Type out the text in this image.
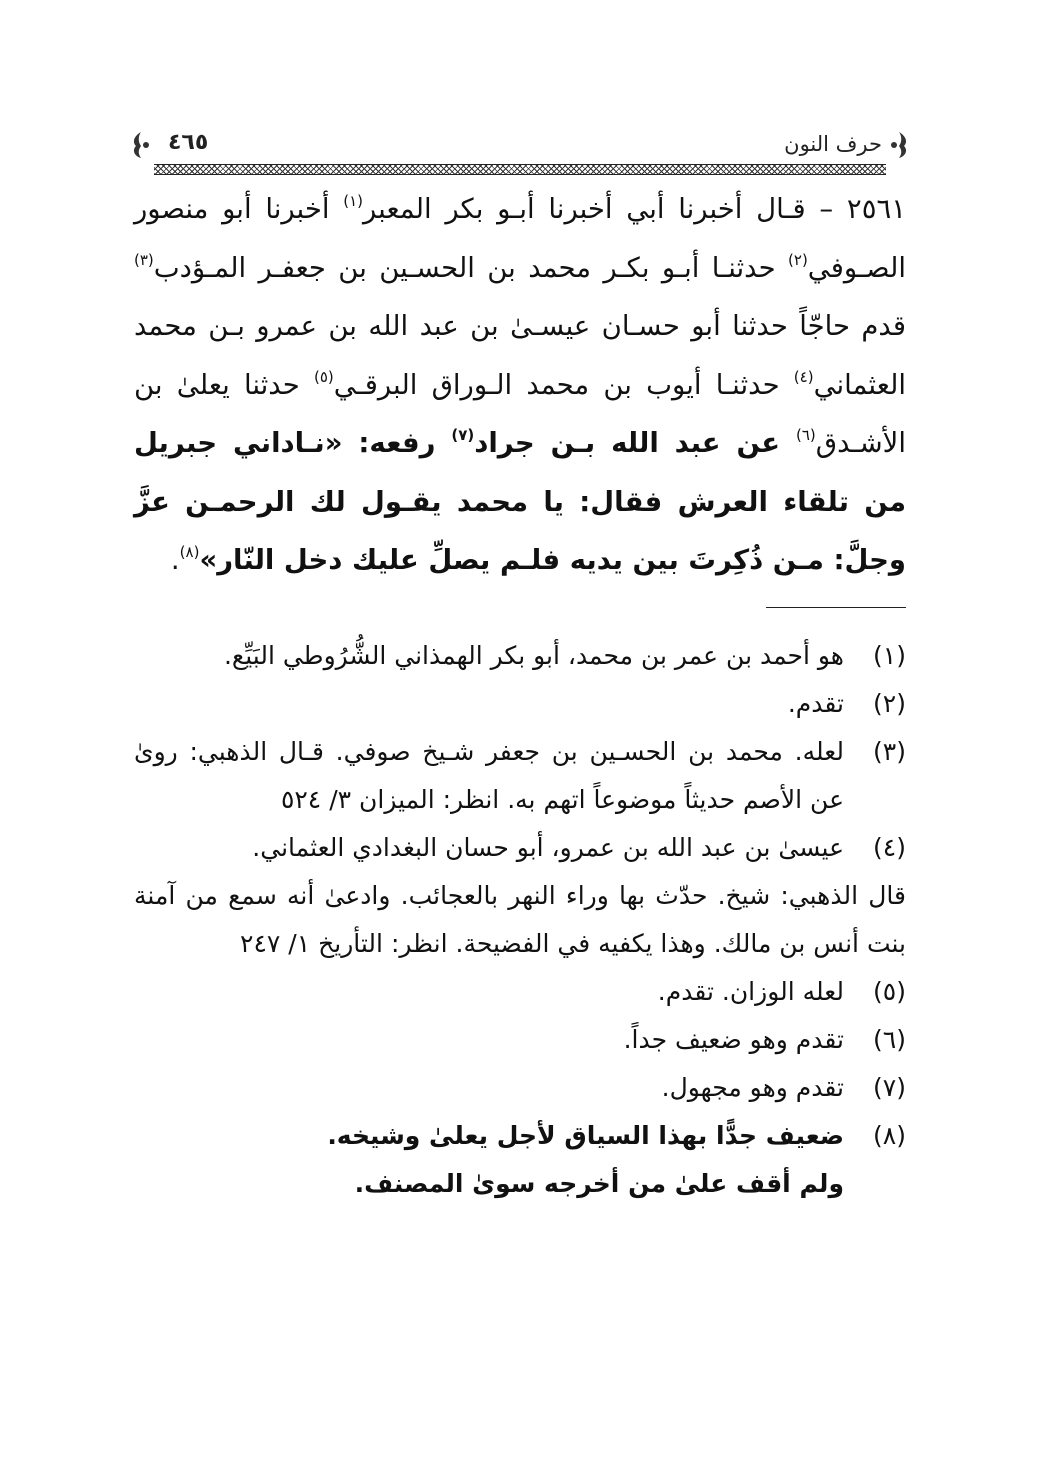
حرف النون
٤٦٥
٢٥٦١ – قـال أخبرنا أبي أخبرنا أبـو بكر المعبر$^{(١)}$ أخبرنا أبو منصور الصـوفي$^{(٢)}$ حدثنـا أبـو بكـر محمد بن الحسـين بن جعفـر المـؤدب$^{(٣)}$ قدم حاجّاً حدثنا أبو حسـان عيسـىٰ بن عبد الله بن عمرو بـن محمد العثماني$^{(٤)}$ حدثنـا أيوب بن محمد الـوراق البرقـي$^{(٥)}$ حدثنا يعلىٰ بن الأشـدق$^{(٦)}$ عن عبد الله بـن جراد$^{(٧)}$ رفعه: «نـاداني جبريل من تلقاء العرش فقال: يا محمد يقـول لك الرحمـن عزَّ وجلَّ: مـن ذُكِرتَ بين يديه فلـم يصلِّ عليك دخل النّار»$^{(٨)}$.
(١)
هو أحمد بن عمر بن محمد، أبو بكر الهمذاني الشُّرُوطي البَيِّع.
(٢)
تقدم.
(٣)
لعله. محمد بن الحسـين بن جعفر شـيخ صوفي. قـال الذهبي: روىٰ عن الأصم حديثاً موضوعاً اتهم به. انظر: الميزان ٣/ ٥٢٤
(٤)
عيسىٰ بن عبد الله بن عمرو، أبو حسان البغدادي العثماني.
قال الذهبي: شيخ. حدّث بها وراء النهر بالعجائب. وادعىٰ أنه سمع من آمنة بنت أنس بن مالك. وهذا يكفيه في الفضيحة. انظر: التأريخ ١/ ٢٤٧
(٥)
لعله الوزان. تقدم.
(٦)
تقدم وهو ضعيف جداً.
(٧)
تقدم وهو مجهول.
(٨)
ضعيف جدًّا بهذا السياق لأجل يعلىٰ وشيخه.
ولم أقف علىٰ من أخرجه سوىٰ المصنف.
